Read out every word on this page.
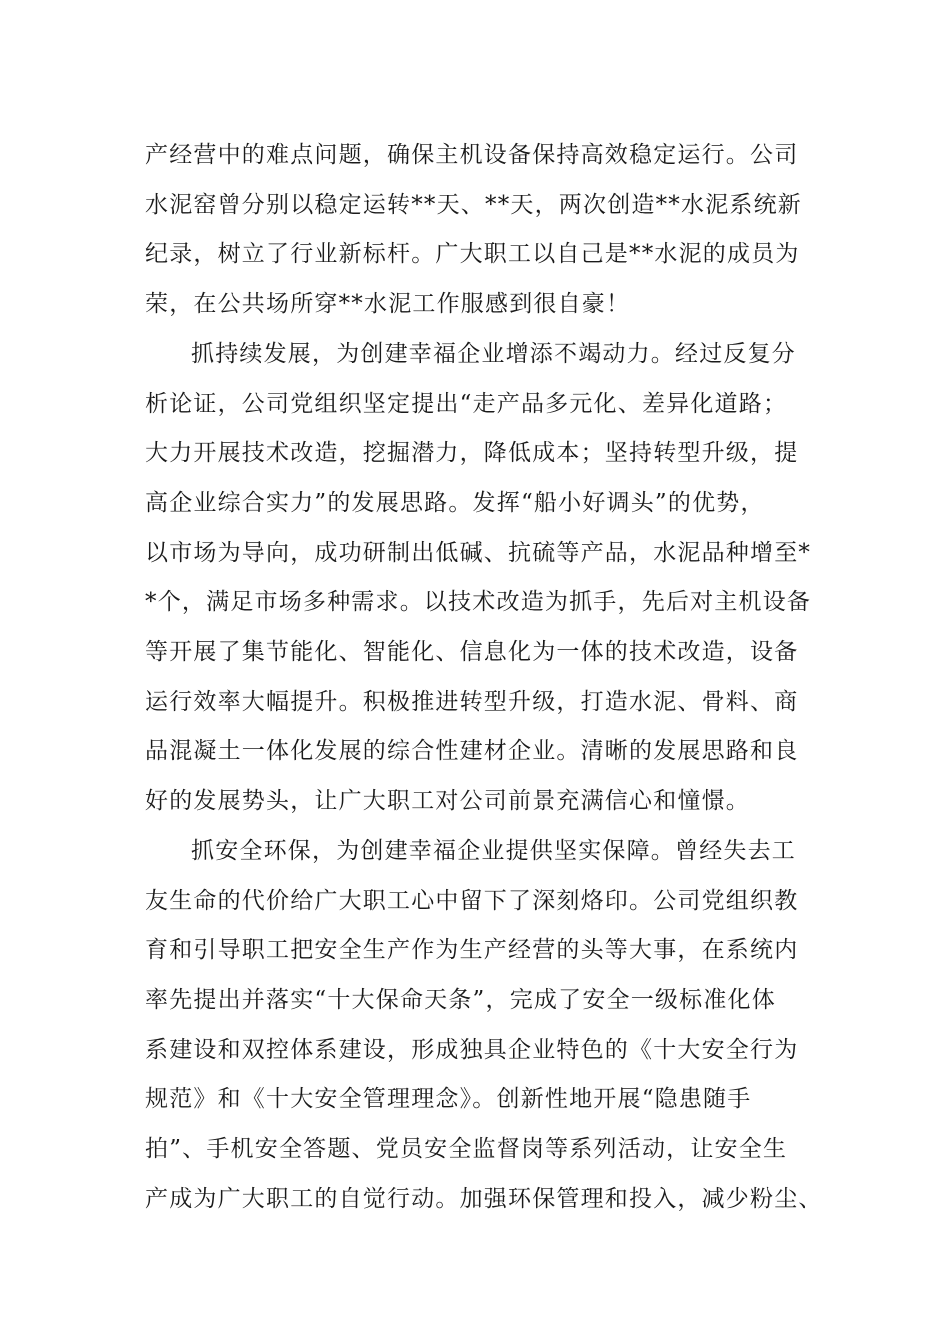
产经营中的难点问题，确保主机设备保持高效稳定运行。公司
水泥窑曾分别以稳定运转**天、**天，两次创造**水泥系统新
纪录，树立了行业新标杆。广大职工以自己是**水泥的成员为
荣，在公共场所穿**水泥工作服感到很自豪！
抓持续发展，为创建幸福企业增添不竭动力。经过反复分
析论证，公司党组织坚定提出“走产品多元化、差异化道路；
大力开展技术改造，挖掘潜力，降低成本；坚持转型升级，提
高企业综合实力”的发展思路。发挥“船小好调头”的优势，
以市场为导向，成功研制出低碱、抗硫等产品，水泥品种增至*
*个，满足市场多种需求。以技术改造为抓手，先后对主机设备
等开展了集节能化、智能化、信息化为一体的技术改造，设备
运行效率大幅提升。积极推进转型升级，打造水泥、骨料、商
品混凝土一体化发展的综合性建材企业。清晰的发展思路和良
好的发展势头，让广大职工对公司前景充满信心和憧憬。
抓安全环保，为创建幸福企业提供坚实保障。曾经失去工
友生命的代价给广大职工心中留下了深刻烙印。公司党组织教
育和引导职工把安全生产作为生产经营的头等大事，在系统内
率先提出并落实“十大保命天条”，完成了安全一级标准化体
系建设和双控体系建设，形成独具企业特色的《十大安全行为
规范》和《十大安全管理理念》。创新性地开展“隐患随手
拍”、手机安全答题、党员安全监督岗等系列活动，让安全生
产成为广大职工的自觉行动。加强环保管理和投入，减少粉尘、
